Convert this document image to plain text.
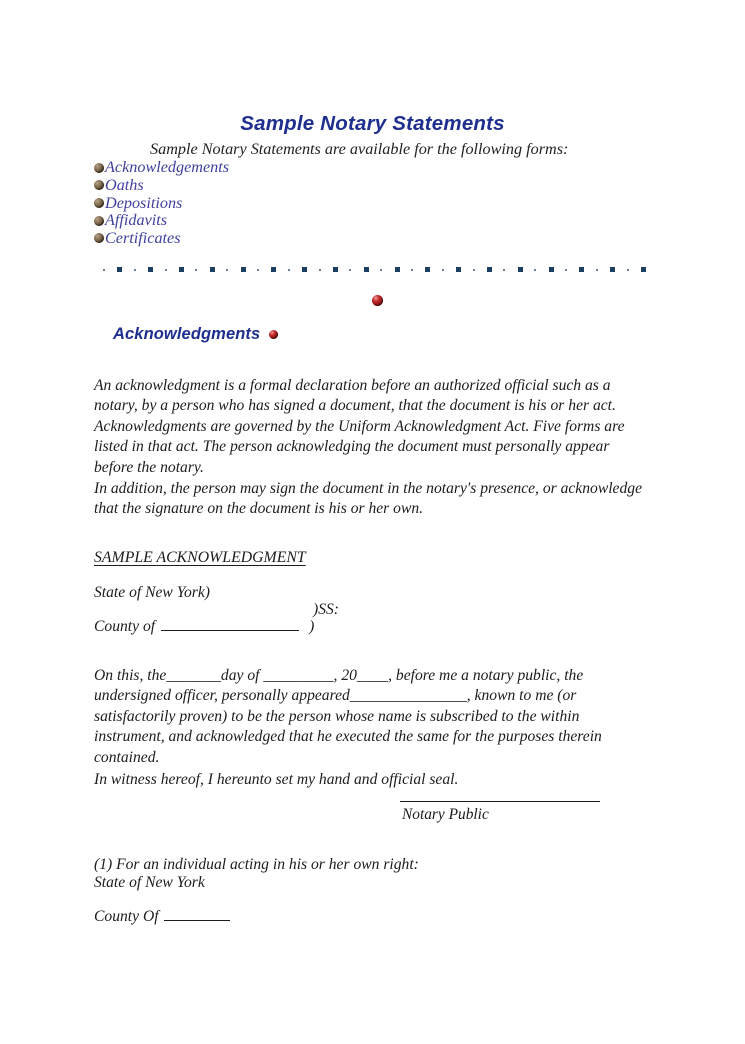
Sample Notary Statements
Sample Notary Statements are available for the following forms:
Acknowledgements
Oaths
Depositions
Affidavits
Certificates
Acknowledgments

An acknowledgment is a formal declaration before an authorized official such as a notary, by a person who has signed a document, that the document is his or her act. Acknowledgments are governed by the Uniform Acknowledgment Act. Five forms are listed in that act. The person acknowledging the document must personally appear before the notary.

In addition, the person may sign the document in the notary's presence, or acknowledge that the signature on the document is his or her own.

SAMPLE ACKNOWLEDGMENT
State of New York)
)SS:
County of	)

On this, the_______day of _________, 20____, before me a notary public, the undersigned officer, personally appeared_______________, known to me (or satisfactorily proven) to be the person whose name is subscribed to the within instrument, and acknowledged that he executed the same for the purposes therein contained.

In witness hereof, I hereunto set my hand and official seal.

Notary Public

(1) For an individual acting in his or her own right:

State of New York
County Of
